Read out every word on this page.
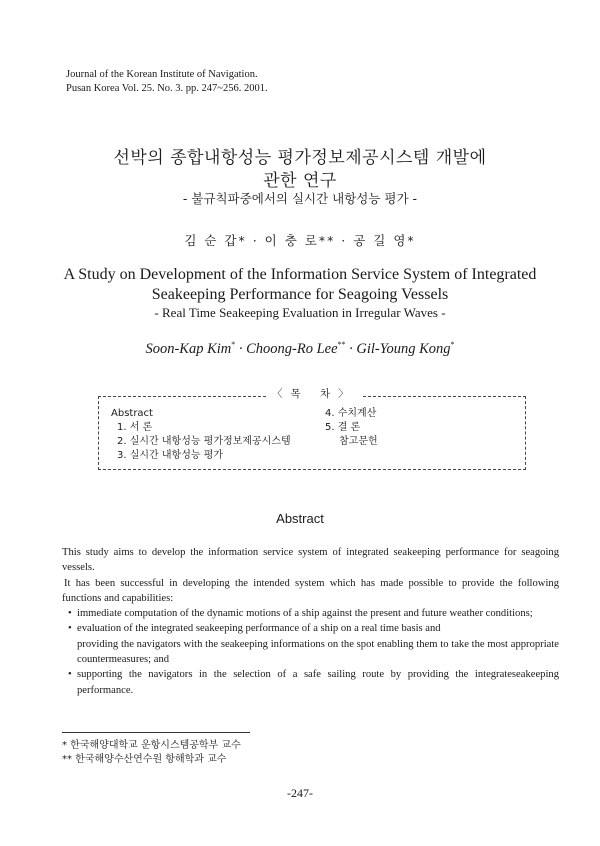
Journal of the Korean Institute of Navigation.
Pusan Korea Vol. 25. No. 3. pp. 247~256. 2001.
선박의 종합내항성능 평가정보제공시스템 개발에
관한 연구
- 불규칙파중에서의 실시간 내항성능 평가 -
김 순 갑* · 이 충 로** · 공 길 영*
A Study on Development of the Information Service System of Integrated
Seakeeping Performance for Seagoing Vessels
- Real Time Seakeeping Evaluation in Irregular Waves -
Soon-Kap Kim* · Choong-Ro Lee** · Gil-Young Kong*
Abstract
1. 서 론
2. 실시간 내항성능 평가정보제공시스템
3. 실시간 내항성능 평가
4. 수치계산
5. 결 론
참고문헌
〈목 차〉
Abstract

This study aims to develop the information service system of integrated seakeeping performance for seagoing vessels.

It has been successful in developing the intended system which has made possible to provide the following functions and capabilities:

• immediate computation of the dynamic motions of a ship against the present and future weather conditions;
• evaluation of the integrated seakeeping performance of a ship on a real time basis and
providing the navigators with the seakeeping informations on the spot enabling them to take the most appropriate countermeasures; and
• supporting the navigators in the selection of a safe sailing route by providing the integrateseakeeping performance.
* 한국해양대학교 운항시스템공학부 교수
** 한국해양수산연수원 항해학과 교수
-247-
